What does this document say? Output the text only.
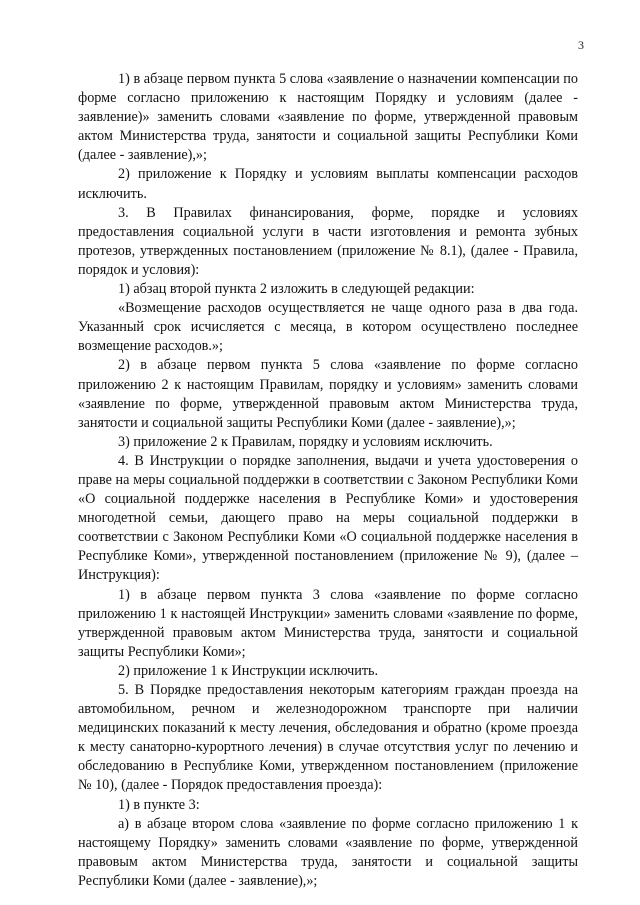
3

1) в абзаце первом пункта 5 слова «заявление о назначении компенсации по форме согласно приложению к настоящим Порядку и условиям (далее - заявление)» заменить словами «заявление по форме, утвержденной правовым актом Министерства труда, занятости и социальной защиты Республики Коми (далее - заявление),»;

2) приложение к Порядку и условиям выплаты компенсации расходов исключить.

3. В Правилах финансирования, форме, порядке и условиях предоставления социальной услуги в части изготовления и ремонта зубных протезов, утвержденных постановлением (приложение № 8.1), (далее - Правила, порядок и условия):

1) абзац второй пункта 2 изложить в следующей редакции:

«Возмещение расходов осуществляется не чаще одного раза в два года. Указанный срок исчисляется с месяца, в котором осуществлено последнее возмещение расходов.»;

2) в абзаце первом пункта 5 слова «заявление по форме согласно приложению 2 к настоящим Правилам, порядку и условиям» заменить словами «заявление по форме, утвержденной правовым актом Министерства труда, занятости и социальной защиты Республики Коми (далее - заявление),»;

3) приложение 2 к Правилам, порядку и условиям исключить.

4. В Инструкции о порядке заполнения, выдачи и учета удостоверения о праве на меры социальной поддержки в соответствии с Законом Республики Коми «О социальной поддержке населения в Республике Коми» и удостоверения многодетной семьи, дающего право на меры социальной поддержки в соответствии с Законом Республики Коми «О социальной поддержке населения в Республике Коми», утвержденной постановлением (приложение № 9), (далее – Инструкция):

1) в абзаце первом пункта 3 слова «заявление по форме согласно приложению 1 к настоящей Инструкции» заменить словами «заявление по форме, утвержденной правовым актом Министерства труда, занятости и социальной защиты Республики Коми»;

2) приложение 1 к Инструкции исключить.

5. В Порядке предоставления некоторым категориям граждан проезда на автомобильном, речном и железнодорожном транспорте при наличии медицинских показаний к месту лечения, обследования и обратно (кроме проезда к месту санаторно-курортного лечения) в случае отсутствия услуг по лечению и обследованию в Республике Коми, утвержденном постановлением (приложение № 10), (далее - Порядок предоставления проезда):

1) в пункте 3:

а) в абзаце втором слова «заявление по форме согласно приложению 1 к настоящему Порядку» заменить словами «заявление по форме, утвержденной правовым актом Министерства труда, занятости и социальной защиты Республики Коми (далее - заявление),»;
